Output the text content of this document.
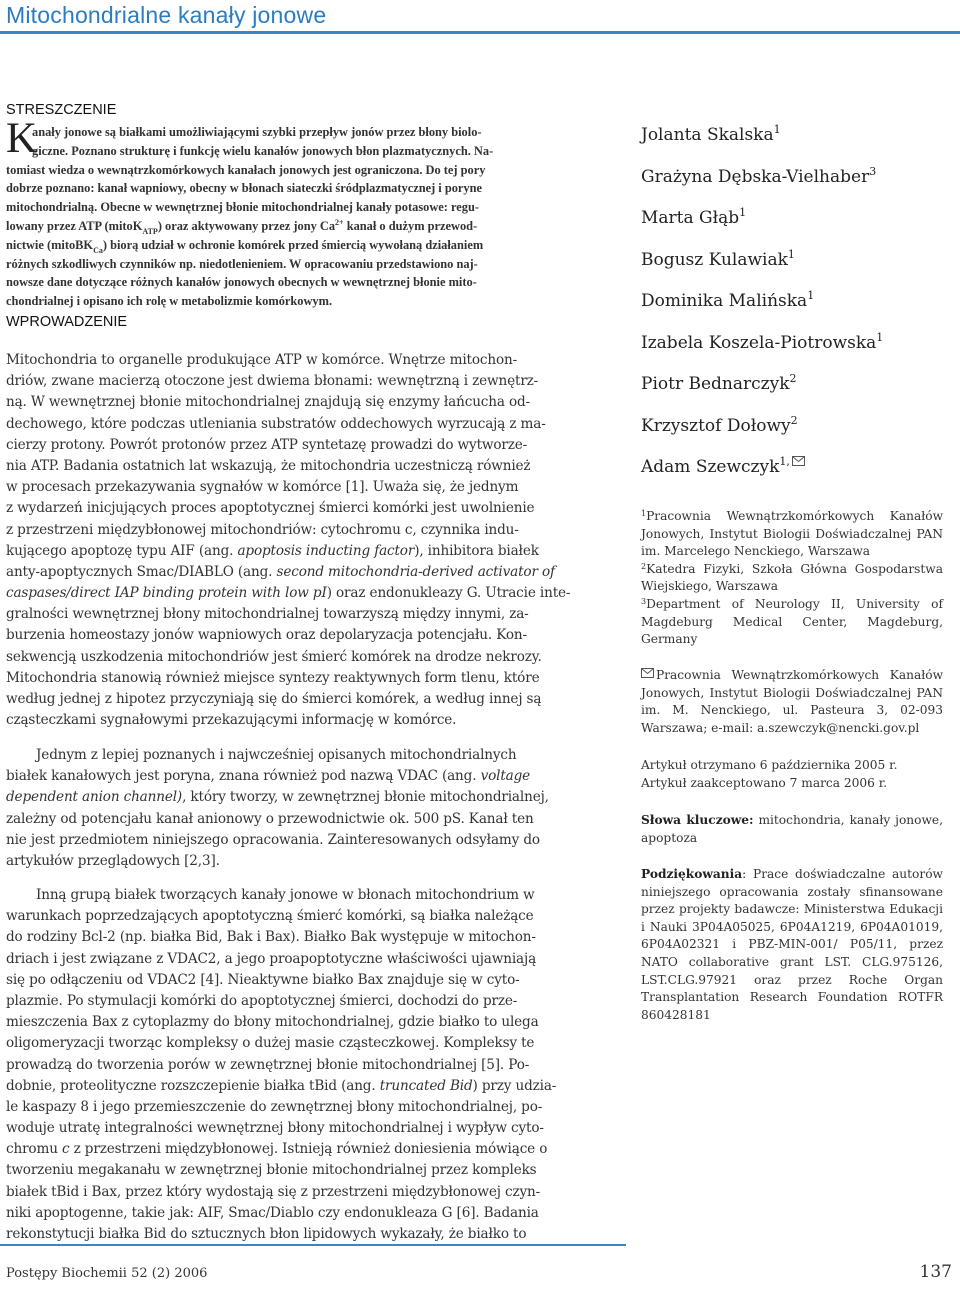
Mitochondrialne kanały jonowe
STRESZCZENIE
K
anały jonowe są białkami umożliwiającymi szybki przepływ jonów przez błony biolo-
giczne. Poznano strukturę i funkcję wielu kanałów jonowych błon plazmatycznych. Na-
tomiast wiedza o wewnątrzkomórkowych kanałach jonowych jest ograniczona. Do tej pory
dobrze poznano: kanał wapniowy, obecny w błonach siateczki śródplazmatycznej i poryne
mitochondrialną. Obecne w wewnętrznej błonie mitochondrialnej kanały potasowe: regu-
lowany przez ATP (mitoK$_{ATP}$) oraz aktywowany przez jony $Ca^{2+}$ kanał o dużym przewod-
nictwie (mitoBK$_{Ca}$) biorą udział w ochronie komórek przed śmiercią wywołaną działaniem
różnych szkodliwych czynników np. niedotlenieniem. W opracowaniu przedstawiono naj-
nowsze dane dotyczące różnych kanałów jonowych obecnych w wewnętrznej błonie mito-
chondrialnej i opisano ich rolę w metabolizmie komórkowym.
WPROWADZENIE
Mitochondria to organelle produkujące ATP w komórce. Wnętrze mitochon-
driów, zwane macierzą otoczone jest dwiema błonami: wewnętrzną i zewnętrz-
ną. W wewnętrznej błonie mitochondrialnej znajdują się enzymy łańcucha od-
dechowego, które podczas utleniania substratów oddechowych wyrzucają z ma-
cierzy protony. Powrót protonów przez ATP syntetazę prowadzi do wytworze-
nia ATP. Badania ostatnich lat wskazują, że mitochondria uczestniczą również
w procesach przekazywania sygnałów w komórce [1]. Uważa się, że jednym
z wydarzeń inicjujących proces apoptotycznej śmierci komórki jest uwolnienie
z przestrzeni międzybłonowej mitochondriów: cytochromu c, czynnika indu-
kującego apoptozę typu AIF (ang. apoptosis inducting factor), inhibitora białek
anty-apoptycznych Smac/DIABLO (ang. second mitochondria-derived activator of
caspases/direct IAP binding protein with low pI) oraz endonukleazy G. Utracie inte-
gralności wewnętrznej błony mitochondrialnej towarzyszą między innymi, za-
burzenia homeostazy jonów wapniowych oraz depolaryzacja potencjału. Kon-
sekwencją uszkodzenia mitochondriów jest śmierć komórek na drodze nekrozy.
Mitochondria stanowią również miejsce syntezy reaktywnych form tlenu, które
według jednej z hipotez przyczyniają się do śmierci komórek, a według innej są
cząsteczkami sygnałowymi przekazującymi informację w komórce.
Jednym z lepiej poznanych i najwcześniej opisanych mitochondrialnych
białek kanałowych jest poryna, znana również pod nazwą VDAC (ang. voltage
dependent anion channel), który tworzy, w zewnętrznej błonie mitochondrialnej,
zależny od potencjału kanał anionowy o przewodnictwie ok. 500 pS. Kanał ten
nie jest przedmiotem niniejszego opracowania. Zainteresowanych odsyłamy do
artykułów przeglądowych [2,3].
Inną grupą białek tworzących kanały jonowe w błonach mitochondrium w
warunkach poprzedzających apoptotyczną śmierć komórki, są białka należące
do rodziny Bcl-2 (np. białka Bid, Bak i Bax). Białko Bak występuje w mitochon-
driach i jest związane z VDAC2, a jego proapoptotyczne właściwości ujawniają
się po odłączeniu od VDAC2 [4]. Nieaktywne białko Bax znajduje się w cyto-
plazmie. Po stymulacji komórki do apoptotycznej śmierci, dochodzi do prze-
mieszczenia Bax z cytoplazmy do błony mitochondrialnej, gdzie białko to ulega
oligomeryzacji tworząc kompleksy o dużej masie cząsteczkowej. Kompleksy te
prowadzą do tworzenia porów w zewnętrznej błonie mitochondrialnej [5]. Po-
dobnie, proteolityczne rozszczepienie białka tBid (ang. truncated Bid) przy udzia-
le kaspazy 8 i jego przemieszczenie do zewnętrznej błony mitochondrialnej, po-
woduje utratę integralności wewnętrznej błony mitochondrialnej i wypływ cyto-
chromu c z przestrzeni międzybłonowej. Istnieją również doniesienia mówiące o
tworzeniu megakanału w zewnętrznej błonie mitochondrialnej przez kompleks
białek tBid i Bax, przez który wydostają się z przestrzeni międzybłonowej czyn-
niki apoptogenne, takie jak: AIF, Smac/Diablo czy endonukleaza G [6]. Badania
rekonstytucji białka Bid do sztucznych błon lipidowych wykazały, że białko to
Jolanta Skalska$^1$
Grażyna Dębska-Vielhaber$^3$
Marta Głąb$^1$
Bogusz Kulawiak$^1$
Dominika Malińska$^1$
Izabela Koszela-Piotrowska$^1$
Piotr Bednarczyk$^2$
Krzysztof Dołowy$^2$
Adam Szewczyk$^{1,}$
$^1$Pracownia Wewnątrzkomórkowych Kanałów Jonowych, Instytut Biologii Doświadczalnej PAN im. Marcelego Nenckiego, Warszawa
$^2$Katedra Fizyki, Szkoła Główna Gospodarstwa Wiejskiego, Warszawa
$^3$Department of Neurology II, University of Magdeburg Medical Center, Magdeburg, Germany
Pracownia Wewnątrzkomórkowych Kanałów Jonowych, Instytut Biologii Doświadczalnej PAN im. M. Nenckiego, ul. Pasteura 3, 02-093 Warszawa; e-mail: a.szewczyk@nencki.gov.pl
Artykuł otrzymano 6 października 2005 r.
Artykuł zaakceptowano 7 marca 2006 r.
Słowa kluczowe: mitochondria, kanały jonowe, apoptoza
Podziękowania: Prace doświadczalne autorów niniejszego opracowania zostały sfinansowane przez projekty badawcze: Ministerstwa Edukacji i Nauki 3P04A05025, 6P04A1219, 6P04A01019, 6P04A02321 i PBZ-MIN-001/ P05/11, przez NATO collaborative grant LST. CLG.975126, LST.CLG.97921 oraz przez Roche Organ Transplantation Research Foundation ROTFR 860428181
Postępy Biochemii 52 (2) 2006	137
